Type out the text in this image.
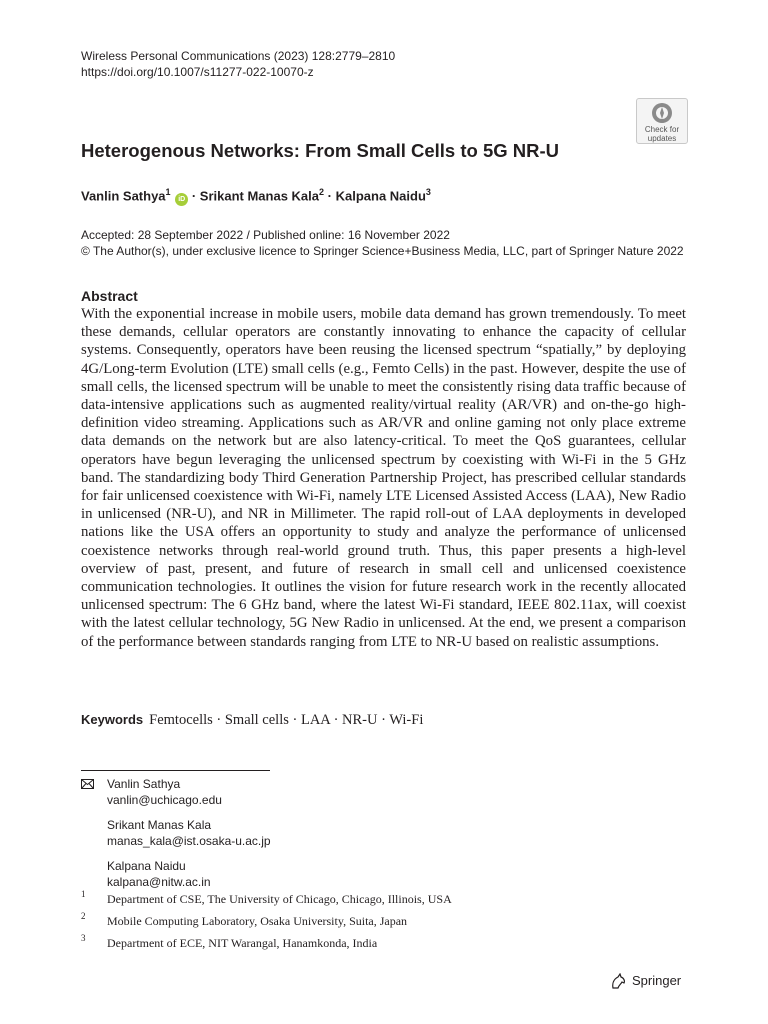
Wireless Personal Communications (2023) 128:2779–2810
https://doi.org/10.1007/s11277-022-10070-z
Check for
updates
Heterogenous Networks: From Small Cells to 5G NR-U
Vanlin Sathya$^1$ iD · Srikant Manas Kala$^2$ · Kalpana Naidu$^3$
Accepted: 28 September 2022 / Published online: 16 November 2022
© The Author(s), under exclusive licence to Springer Science+Business Media, LLC, part of Springer Nature 2022
Abstract

With the exponential increase in mobile users, mobile data demand has grown tremendously. To meet these demands, cellular operators are constantly innovating to enhance the capacity of cellular systems. Consequently, operators have been reusing the licensed spectrum “spatially,” by deploying 4G/Long-term Evolution (LTE) small cells (e.g., Femto Cells) in the past. However, despite the use of small cells, the licensed spectrum will be unable to meet the consistently rising data traffic because of data-intensive applications such as augmented reality/virtual reality (AR/VR) and on-the-go high-definition video streaming. Applications such as AR/VR and online gaming not only place extreme data demands on the network but are also latency-critical. To meet the QoS guarantees, cellular operators have begun leveraging the unlicensed spectrum by coexisting with Wi-Fi in the 5 GHz band. The standardizing body Third Generation Partnership Project, has prescribed cellular standards for fair unlicensed coexistence with Wi-Fi, namely LTE Licensed Assisted Access (LAA), New Radio in unlicensed (NR-U), and NR in Millimeter. The rapid roll-out of LAA deployments in developed nations like the USA offers an opportunity to study and analyze the performance of unlicensed coexistence networks through real-world ground truth. Thus, this paper presents a high-level overview of past, present, and future of research in small cell and unlicensed coexistence communication technologies. It outlines the vision for future research work in the recently allocated unlicensed spectrum: The 6 GHz band, where the latest Wi-Fi standard, IEEE 802.11ax, will coexist with the latest cellular technology, 5G New Radio in unlicensed. At the end, we present a comparison of the performance between standards ranging from LTE to NR-U based on realistic assumptions.

Keywords Femtocells · Small cells · LAA · NR-U · Wi-Fi
Vanlin Sathya
vanlin@uchicago.edu
Srikant Manas Kala
manas_kala@ist.osaka-u.ac.jp
Kalpana Naidu
kalpana@nitw.ac.in
1 Department of CSE, The University of Chicago, Chicago, Illinois, USA
2 Mobile Computing Laboratory, Osaka University, Suita, Japan
3 Department of ECE, NIT Warangal, Hanamkonda, India
Springer
